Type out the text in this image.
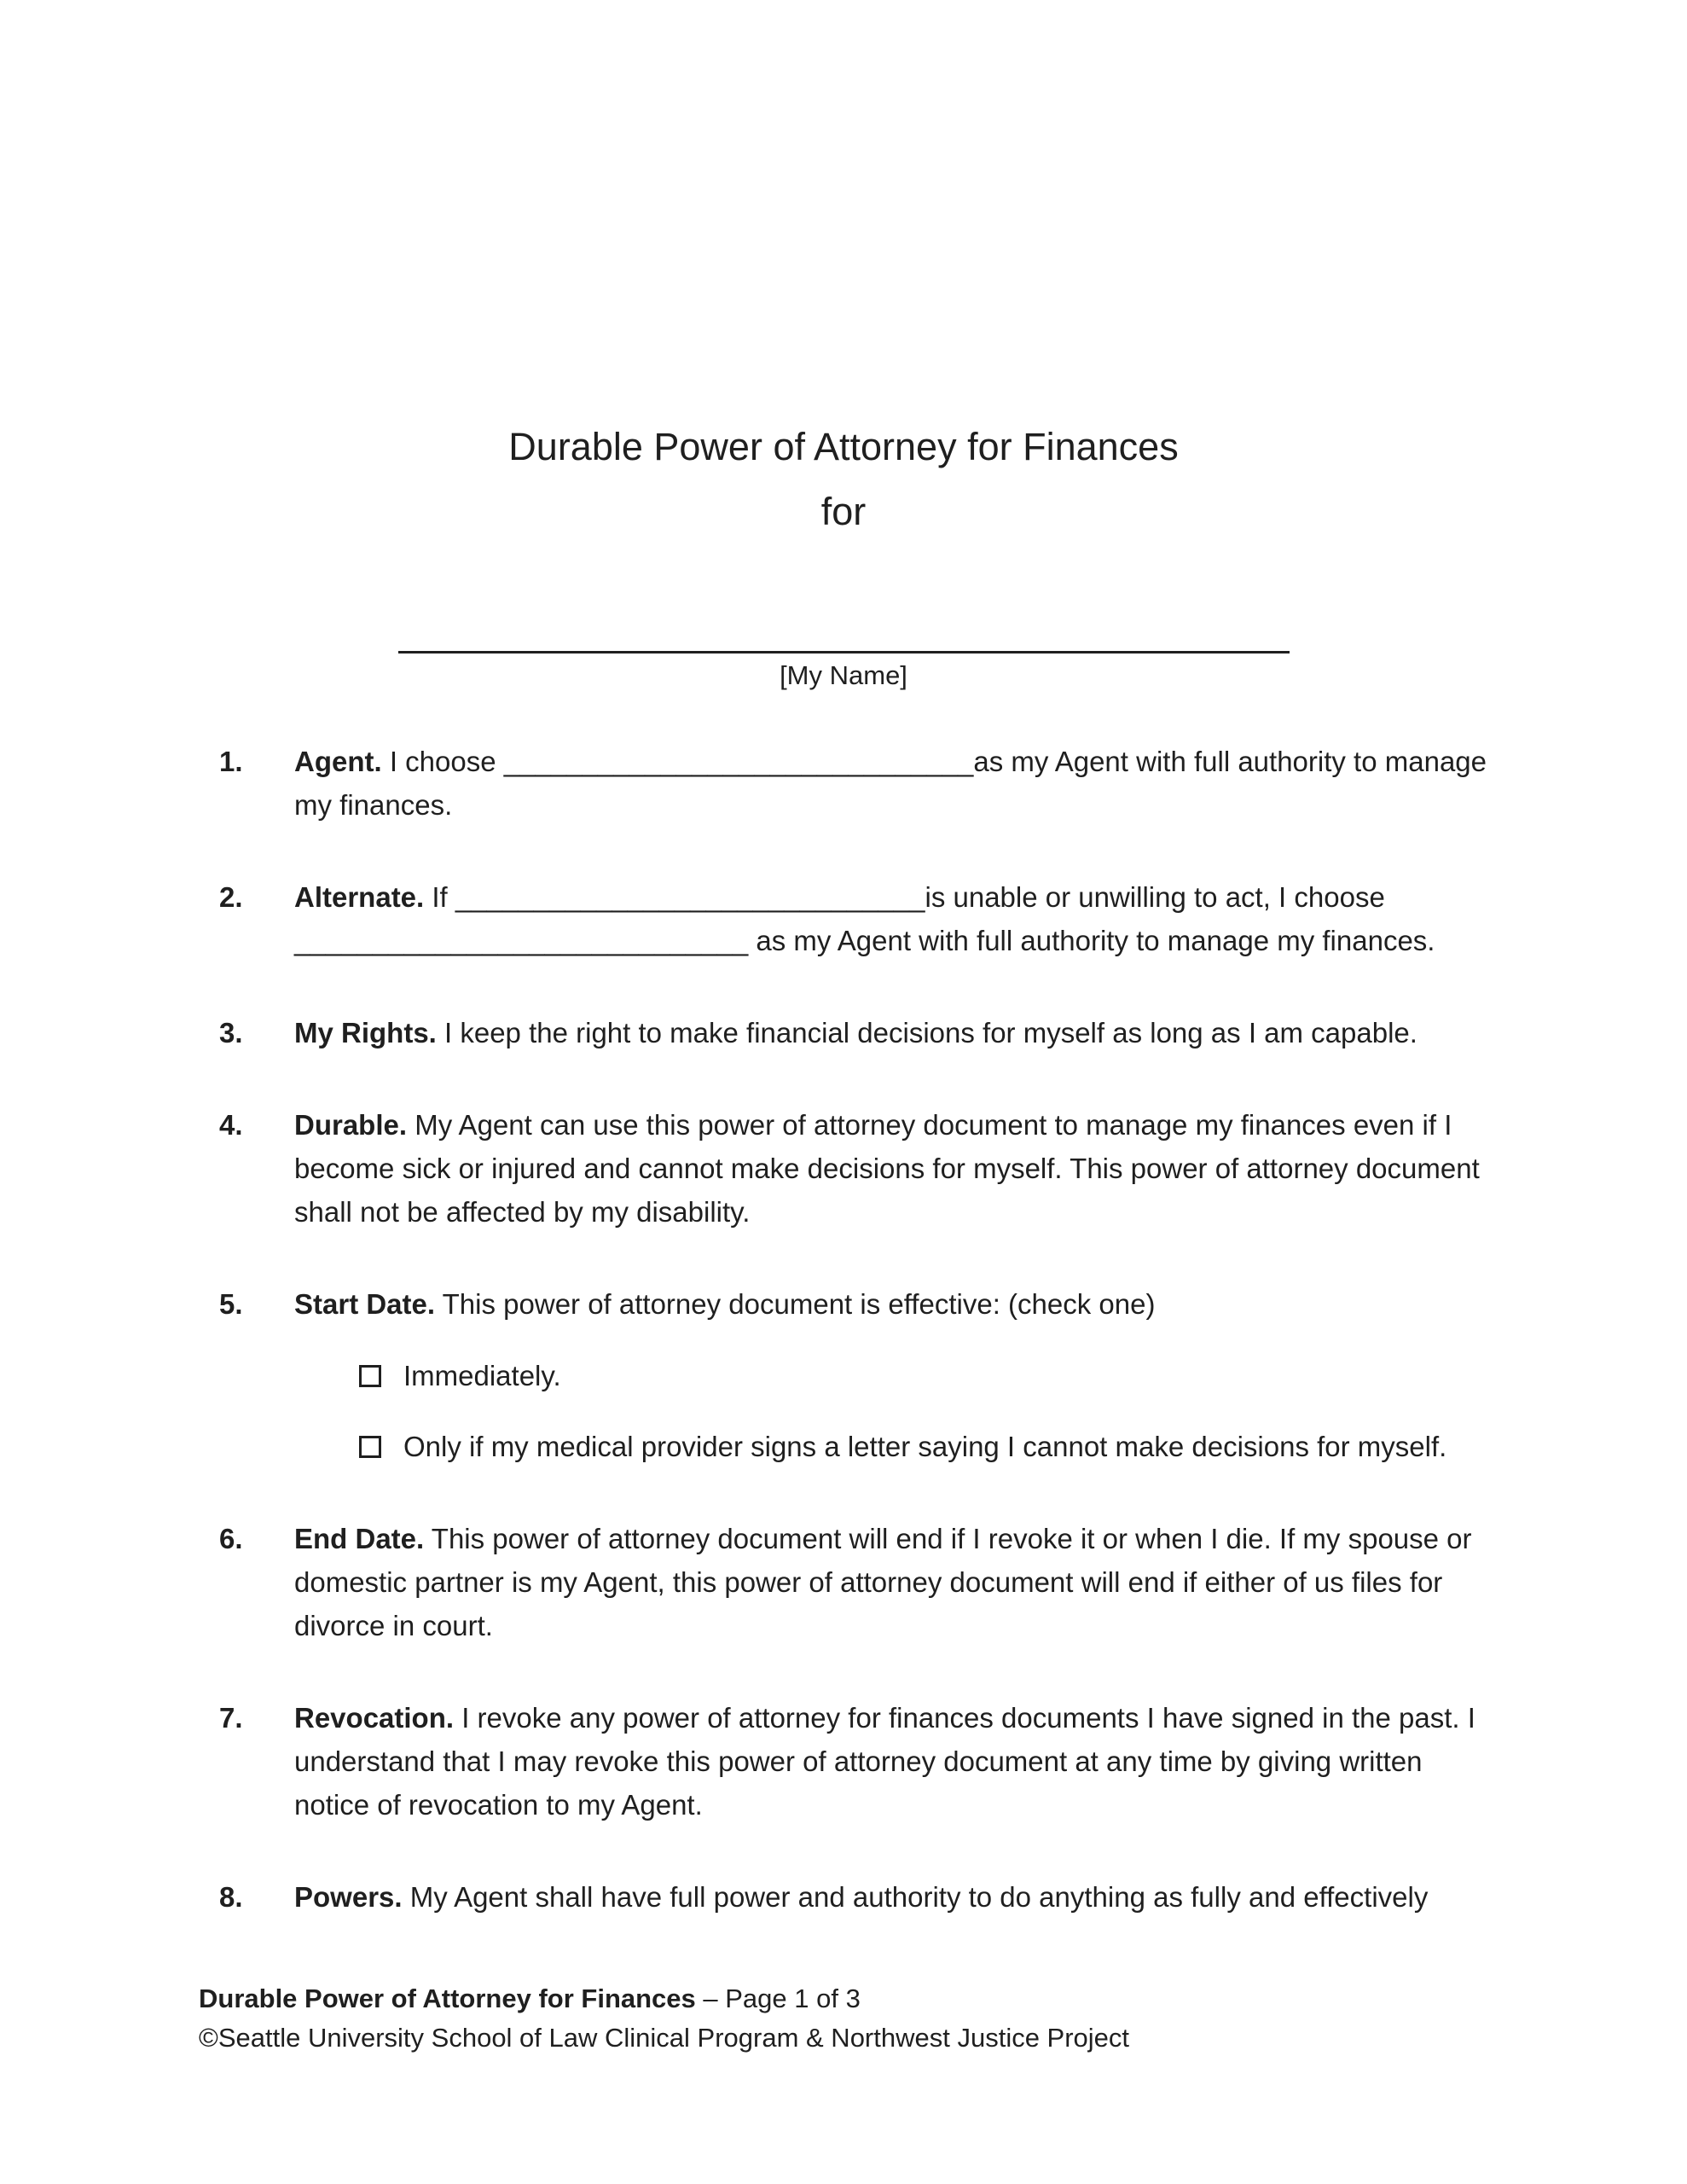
Durable Power of Attorney for Finances
for
[My Name]
1.	Agent. I choose ______________________________as my Agent with full authority to manage my finances.
2.	Alternate. If ______________________________is unable or unwilling to act, I choose _____________________________ as my Agent with full authority to manage my finances.
3.	My Rights. I keep the right to make financial decisions for myself as long as I am capable.
4.	Durable. My Agent can use this power of attorney document to manage my finances even if I become sick or injured and cannot make decisions for myself. This power of attorney document shall not be affected by my disability.
5.	Start Date. This power of attorney document is effective: (check one)
Immediately.
Only if my medical provider signs a letter saying I cannot make decisions for myself.
6.	End Date. This power of attorney document will end if I revoke it or when I die. If my spouse or domestic partner is my Agent, this power of attorney document will end if either of us files for divorce in court.
7.	Revocation. I revoke any power of attorney for finances documents I have signed in the past. I understand that I may revoke this power of attorney document at any time by giving written notice of revocation to my Agent.
8.	Powers. My Agent shall have full power and authority to do anything as fully and effectively
Durable Power of Attorney for Finances – Page 1 of 3
©Seattle University School of Law Clinical Program & Northwest Justice Project
